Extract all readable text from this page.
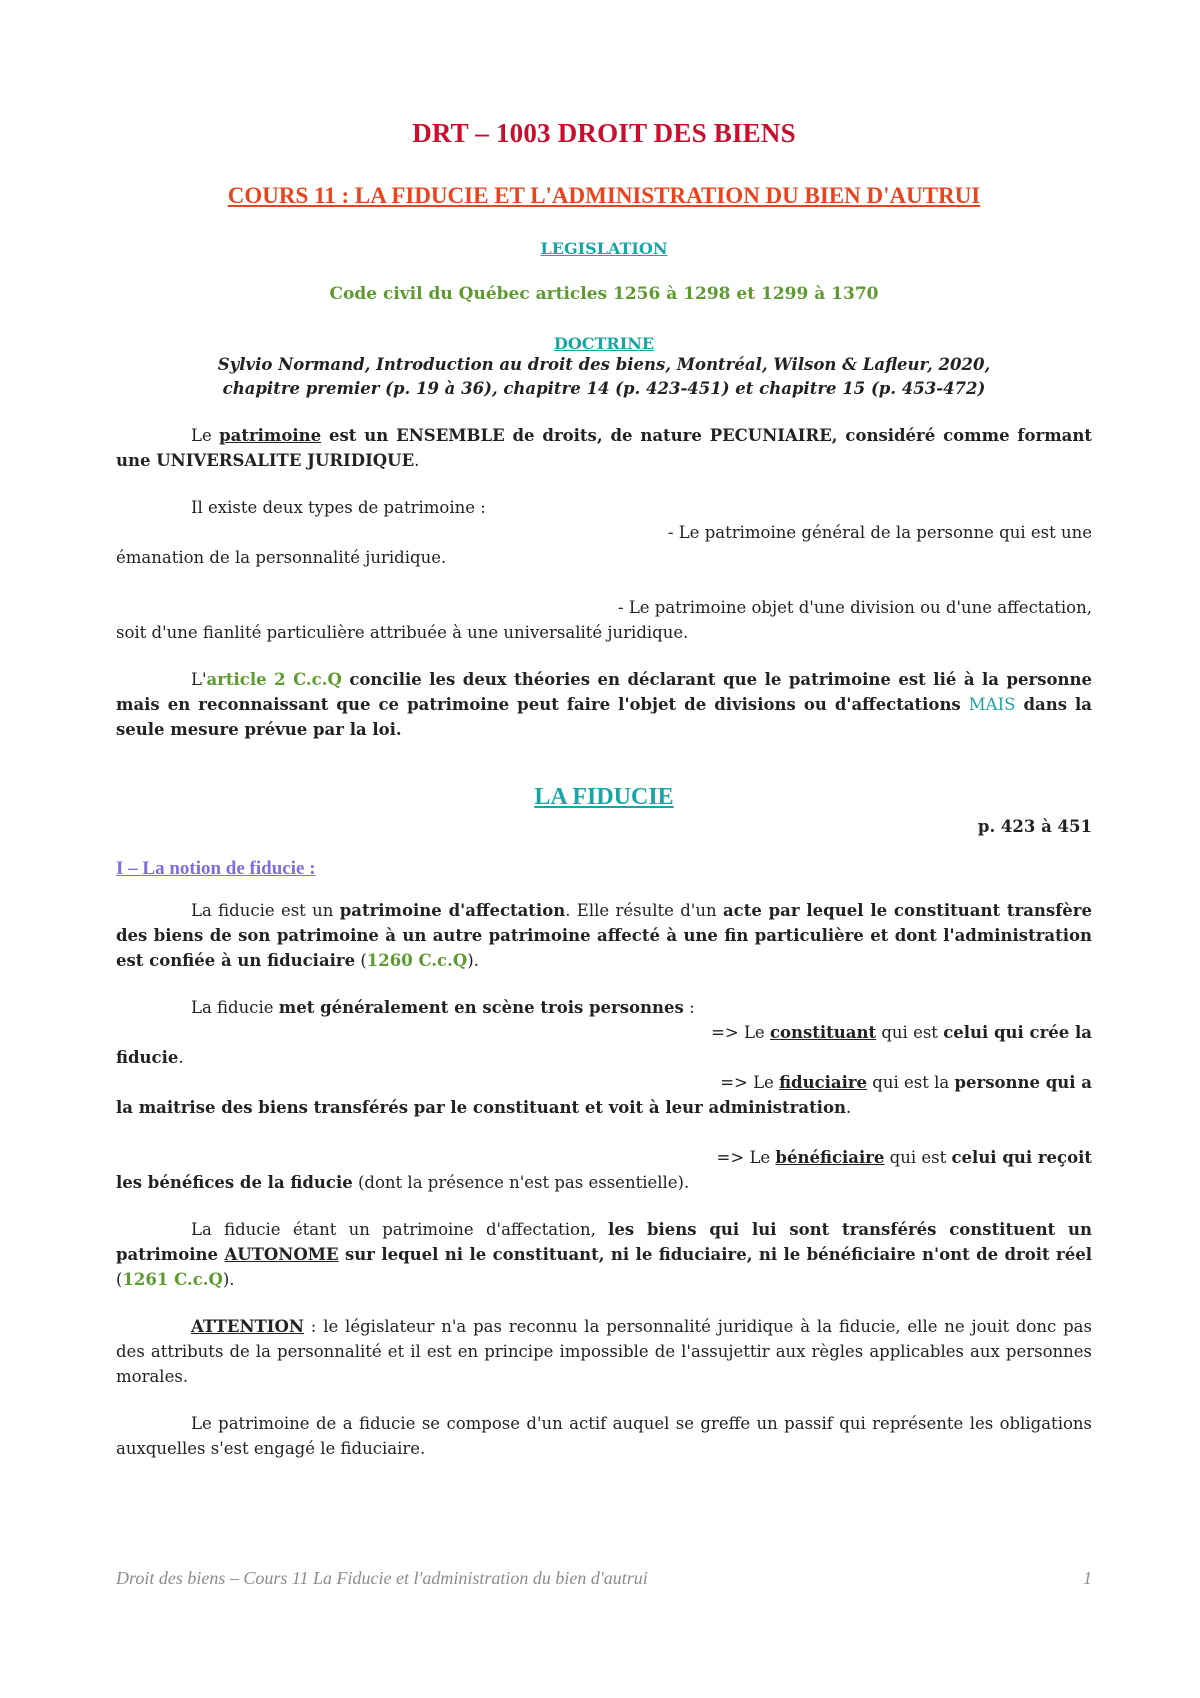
DRT – 1003 DROIT DES BIENS
COURS 11 : LA FIDUCIE ET L'ADMINISTRATION DU BIEN D'AUTRUI
LEGISLATION
Code civil du Québec articles 1256 à 1298 et 1299 à 1370
DOCTRINE
Sylvio Normand, Introduction au droit des biens, Montréal, Wilson & Lafleur, 2020,
chapitre premier (p. 19 à 36), chapitre 14 (p. 423-451) et chapitre 15 (p. 453-472)

Le patrimoine est un ENSEMBLE de droits, de nature PECUNIAIRE, considéré comme formant une UNIVERSALITE JURIDIQUE.

Il existe deux types de patrimoine :

- Le patrimoine général de la personne qui est une

émanation de la personnalité juridique.

- Le patrimoine objet d'une division ou d'une affectation,

soit d'une fianlité particulière attribuée à une universalité juridique.

L'article 2 C.c.Q concilie les deux théories en déclarant que le patrimoine est lié à la personne mais en reconnaissant que ce patrimoine peut faire l'objet de divisions ou d'affectations MAIS dans la seule mesure prévue par la loi.

LA FIDUCIE
p. 423 à 451
I – La notion de fiducie :

La fiducie est un patrimoine d'affectation. Elle résulte d'un acte par lequel le constituant transfère des biens de son patrimoine à un autre patrimoine affecté à une fin particulière et dont l'administration est confiée à un fiduciaire (1260 C.c.Q).

La fiducie met généralement en scène trois personnes :

=> Le constituant qui est celui qui crée la

fiducie.

=> Le fiduciaire qui est la personne qui a

la maitrise des biens transférés par le constituant et voit à leur administration.

=> Le bénéficiaire qui est celui qui reçoit

les bénéfices de la fiducie (dont la présence n'est pas essentielle).

La fiducie étant un patrimoine d'affectation, les biens qui lui sont transférés constituent un patrimoine AUTONOME sur lequel ni le constituant, ni le fiduciaire, ni le bénéficiaire n'ont de droit réel (1261 C.c.Q).

ATTENTION : le législateur n'a pas reconnu la personnalité juridique à la fiducie, elle ne jouit donc pas des attributs de la personnalité et il est en principe impossible de l'assujettir aux règles applicables aux personnes morales.

Le patrimoine de a fiducie se compose d'un actif auquel se greffe un passif qui représente les obligations auxquelles s'est engagé le fiduciaire.

Droit des biens – Cours 11 La Fiducie et l'administration du bien d'autrui	1
